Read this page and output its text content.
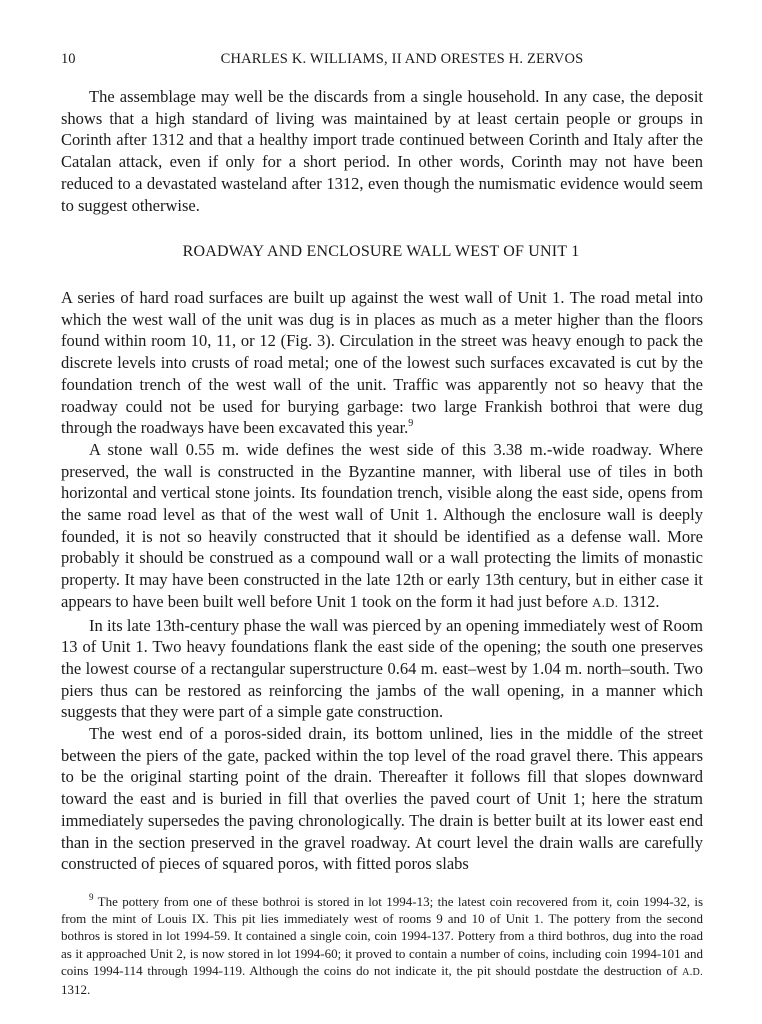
10	CHARLES K. WILLIAMS, II AND ORESTES H. ZERVOS

The assemblage may well be the discards from a single household. In any case, the deposit shows that a high standard of living was maintained by at least certain people or groups in Corinth after 1312 and that a healthy import trade continued between Corinth and Italy after the Catalan attack, even if only for a short period. In other words, Corinth may not have been reduced to a devastated wasteland after 1312, even though the numismatic evidence would seem to suggest otherwise.

ROADWAY AND ENCLOSURE WALL WEST OF UNIT 1

A series of hard road surfaces are built up against the west wall of Unit 1. The road metal into which the west wall of the unit was dug is in places as much as a meter higher than the floors found within room 10, 11, or 12 (Fig. 3). Circulation in the street was heavy enough to pack the discrete levels into crusts of road metal; one of the lowest such surfaces excavated is cut by the foundation trench of the west wall of the unit. Traffic was apparently not so heavy that the roadway could not be used for burying garbage: two large Frankish bothroi that were dug through the roadways have been excavated this year.$^9$

A stone wall 0.55 m. wide defines the west side of this 3.38 m.-wide roadway. Where preserved, the wall is constructed in the Byzantine manner, with liberal use of tiles in both horizontal and vertical stone joints. Its foundation trench, visible along the east side, opens from the same road level as that of the west wall of Unit 1. Although the enclosure wall is deeply founded, it is not so heavily constructed that it should be identified as a defense wall. More probably it should be construed as a compound wall or a wall protecting the limits of monastic property. It may have been constructed in the late 12th or early 13th century, but in either case it appears to have been built well before Unit 1 took on the form it had just before A.D. 1312.

In its late 13th-century phase the wall was pierced by an opening immediately west of Room 13 of Unit 1. Two heavy foundations flank the east side of the opening; the south one preserves the lowest course of a rectangular superstructure 0.64 m. east–west by 1.04 m. north–south. Two piers thus can be restored as reinforcing the jambs of the wall opening, in a manner which suggests that they were part of a simple gate construction.

The west end of a poros-sided drain, its bottom unlined, lies in the middle of the street between the piers of the gate, packed within the top level of the road gravel there. This appears to be the original starting point of the drain. Thereafter it follows fill that slopes downward toward the east and is buried in fill that overlies the paved court of Unit 1; here the stratum immediately supersedes the paving chronologically. The drain is better built at its lower east end than in the section preserved in the gravel roadway. At court level the drain walls are carefully constructed of pieces of squared poros, with fitted poros slabs

$^9$ The pottery from one of these bothroi is stored in lot 1994-13; the latest coin recovered from it, coin 1994-32, is from the mint of Louis IX. This pit lies immediately west of rooms 9 and 10 of Unit 1. The pottery from the second bothros is stored in lot 1994-59. It contained a single coin, coin 1994-137. Pottery from a third bothros, dug into the road as it approached Unit 2, is now stored in lot 1994-60; it proved to contain a number of coins, including coin 1994-101 and coins 1994-114 through 1994-119. Although the coins do not indicate it, the pit should postdate the destruction of A.D. 1312.
